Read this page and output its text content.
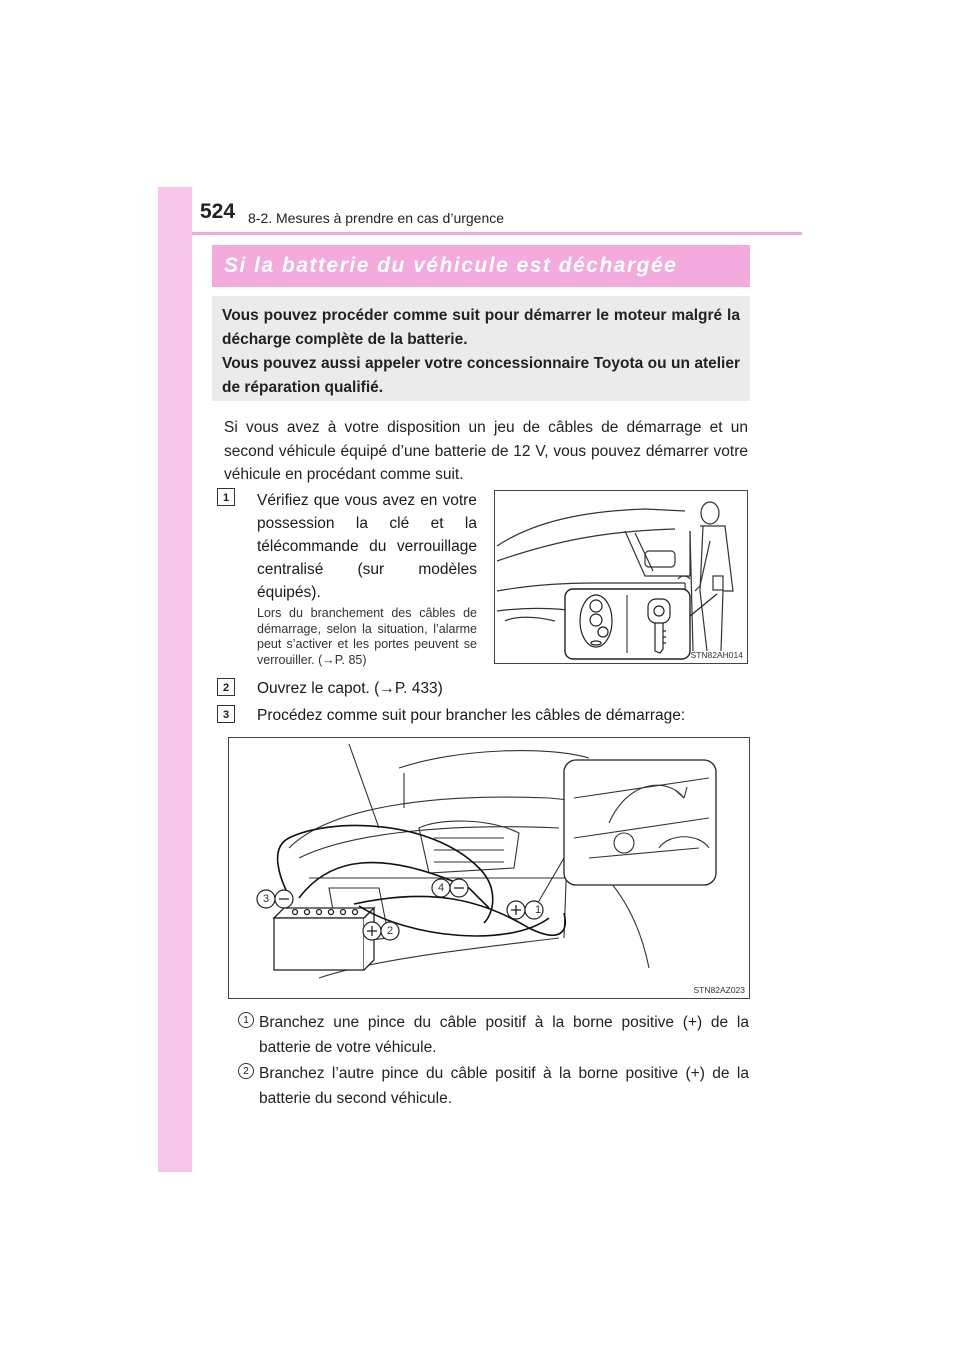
524 8-2. Mesures à prendre en cas d’urgence
Si la batterie du véhicule est déchargée
Vous pouvez procéder comme suit pour démarrer le moteur malgré la décharge complète de la batterie.
Vous pouvez aussi appeler votre concessionnaire Toyota ou un atelier de réparation qualifié.
Si vous avez à votre disposition un jeu de câbles de démarrage et un second véhicule équipé d’une batterie de 12 V, vous pouvez démarrer votre véhicule en procédant comme suit.
1	Vérifiez que vous avez en votre
possession la clé et la
télécommande du verrouillage
centralisé (sur modèles
équipés).
Lors du branchement des câbles de démarrage, selon la situation, l’alarme peut s’activer et les portes peuvent se verrouiller. (→P. 85)	STN82AH014
2	Ouvrez le capot. (→P. 433)
3	Procédez comme suit pour brancher les câbles de démarrage:
1
2
3
4
STN82AZ023
1 Branchez une pince du câble positif à la borne positive (+) de la batterie de votre véhicule.
2 Branchez l’autre pince du câble positif à la borne positive (+) de la batterie du second véhicule.
